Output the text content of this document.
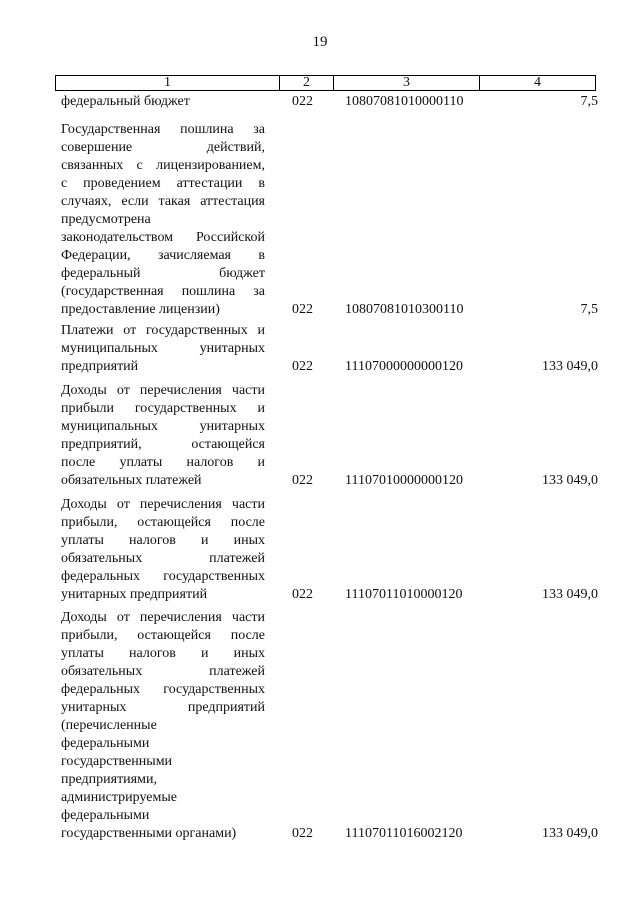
19
1	2	3	4
федеральный бюджет	022	10807081010000110	7,5
Государственная пошлина за
совершение действий,
связанных с лицензированием,
с проведением аттестации в
случаях, если такая аттестация
предусмотрена
законодательством Российской
Федерации, зачисляемая в
федеральный бюджет
(государственная пошлина за
предоставление лицензии)	022	10807081010300110	7,5
Платежи от государственных и
муниципальных унитарных
предприятий	022	11107000000000120	133 049,0
Доходы от перечисления части
прибыли государственных и
муниципальных унитарных
предприятий, остающейся
после уплаты налогов и
обязательных платежей	022	11107010000000120	133 049,0
Доходы от перечисления части
прибыли, остающейся после
уплаты налогов и иных
обязательных платежей
федеральных государственных
унитарных предприятий	022	11107011010000120	133 049,0
Доходы от перечисления части
прибыли, остающейся после
уплаты налогов и иных
обязательных платежей
федеральных государственных
унитарных предприятий
(перечисленные
федеральными
государственными
предприятиями,
администрируемые
федеральными
государственными органами)	022	11107011016002120	133 049,0
